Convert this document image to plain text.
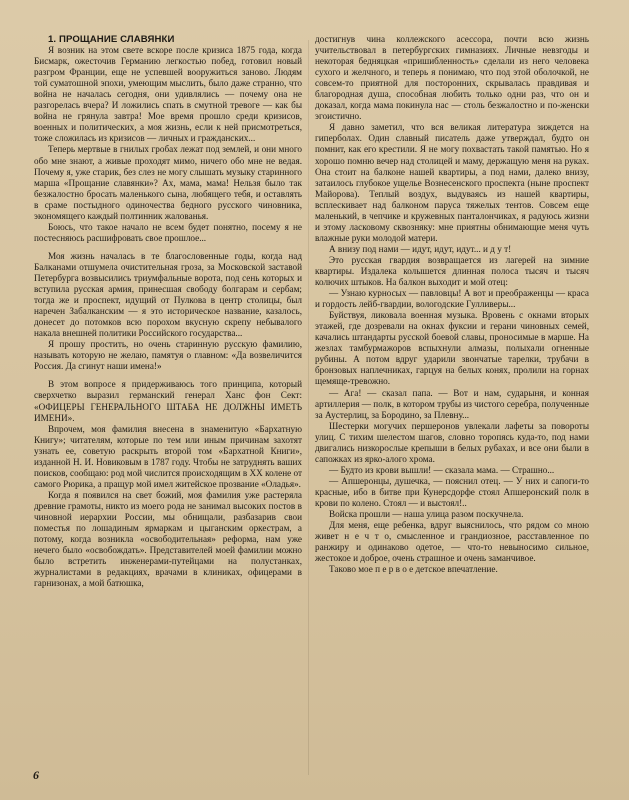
1. ПРОЩАНИЕ СЛАВЯНКИ

Я возник на этом свете вскоре после кризиса 1875 года, когда Бисмарк, ожесточив Германию легкостью побед, готовил новый разгром Франции, еще не успевшей вооружиться заново. Людям той суматошной эпохи, умеющим мыслить, было даже странно, что война не началась сегодня, они удивлялись — почему она не разгорелась вчера? И ложились спать в смутной тревоге — как бы война не грянула завтра! Мое время прошло среди кризисов, военных и политических, а моя жизнь, если к ней присмотреться, тоже сложилась из кризисов — личных и гражданских...

Теперь мертвые в гнилых гробах лежат под землей, и они много обо мне знают, а живые проходят мимо, ничего обо мне не ведая. Почему я, уже старик, без слез не могу слышать музыку старинного марша «Прощание славянки»? Ах, мама, мама! Нельзя было так безжалостно бросать маленького сына, любящего тебя, и оставлять в сраме постыдного одиночества бедного русского чиновника, экономящего каждый полтинник жалованья.

Боюсь, что такое начало не всем будет понятно, посему я не постесняюсь расшифровать свое прошлое...

Моя жизнь началась в те благословенные годы, когда над Балканами отшумела очистительная гроза, за Московской заставой Петербурга возвысились триумфальные ворота, под сень которых и вступила русская армия, принесшая свободу болгарам и сербам; тогда же и проспект, идущий от Пулкова в центр столицы, был наречен Забалканским — я это историческое название, казалось, донесет до потомков всю порохом вкусную скрепу небывалого накала внешней политики Российского государства...

Я прошу простить, но очень старинную русскую фамилию, называть которую не желаю, памятуя о главном: «Да возвеличится Россия. Да сгинут наши имена!»

В этом вопросе я придерживаюсь того принципа, который сверхчетко выразил германский генерал Ханс фон Сект: «ОФИЦЕРЫ ГЕНЕРАЛЬНОГО ШТАБА НЕ ДОЛЖНЫ ИМЕТЬ ИМЕНИ».

Впрочем, моя фамилия внесена в знаменитую «Бархатную Книгу»; читателям, которые по тем или иным причинам захотят узнать ее, советую раскрыть второй том «Бархатной Книги», изданной Н. И. Новиковым в 1787 году. Чтобы не затруднять ваших поисков, сообщаю: род мой числится происходящим в XX колене от самого Рюрика, а пращур мой имел житейское прозвание «Оладья».

Когда я появился на свет божий, моя фамилия уже растеряла древние грамоты, никто из моего рода не занимал высоких постов в чиновной иерархии России, мы обнищали, разбазарив свои поместья по лошадиным ярмаркам и цыганским оркестрам, а потому, когда возникла «освободительная» реформа, нам уже нечего было «освобождать». Представителей моей фамилии можно было встретить инженерами-путейцами на полустанках, журналистами в редакциях, врачами в клиниках, офицерами в гарнизонах, а мой батюшка,

достигнув чина коллежского асессора, почти всю жизнь учительствовал в петербургских гимназиях. Личные невзгоды и некоторая бедняцкая «пришибленность» сделали из него человека сухого и желчного, и теперь я понимаю, что под этой оболочкой, не совсем-то приятной для посторонних, скрывалась правдивая и благородная душа, способная любить только одни раз, что он и доказал, когда мама покинула нас — столь безжалостно и по-женски эгоистично.

Я давно заметил, что вся великая литература зиждется на гиперболах. Один славный писатель даже утверждал, будто он помнит, как его крестили. Я не могу похвастать такой памятью. Но я хорошо помню вечер над столицей и маму, держащую меня на руках. Она стоит на балконе нашей квартиры, а под нами, далеко внизу, затаилось глубокое ущелье Вознесенского проспекта (ныне проспект Майорова). Теплый воздух, выдуваясь из нашей квартиры, всплескивает над балконом паруса тяжелых тентов. Совсем еще маленький, в чепчике и кружевных панталончиках, я радуюсь жизни и этому ласковому сквозняку: мне приятны обнимающие меня чуть влажные руки молодой матери.

А внизу под нами — идут, идут, идут... и д у т!

Это русская гвардия возвращается из лагерей на зимние квартиры. Издалека колышется длинная полоса тысяч и тысяч колючих штыков. На балкон выходит и мой отец:

— Узнаю курносых — павловцы! А вот и преображенцы — краса и гордость лейб-гвардии, вологодские Гулливеры...

Буйствуя, ликовала военная музыка. Вровень с окнами вторых этажей, где дозревали на окнах фуксии и герани чиновных семей, качались штандарты русской боевой славы, проносимые в марше. На жезлах тамбурмажоров вспыхнули алмазы, полыхали огненные рубины. А потом вдруг ударили звончатые тарелки, трубачи в бронзовых наплечниках, гарцуя на белых конях, пролили на горнах щемяще-тревожно.

— Ага! — сказал папа. — Вот и нам, сударыня, и конная артиллерия — полк, в котором трубы из чистого серебра, полученные за Аустерлиц, за Бородино, за Плевну...

Шестерки могучих першеронов увлекали лафеты за повороты улиц. С тихим шелестом шагов, словно торопясь куда-то, под нами двигались низкорослые крепыши в белых рубахах, и все они были в сапожках из ярко-алого хрома.

— Будто из крови вышли! — сказала мама. — Страшно...

— Апшеронцы, душечка, — пояснил отец. — У них и сапоги-то красные, ибо в битве при Кунерсдорфе стоял Апшеронский полк в крови по колено. Стоял — и выстоял!..

Войска прошли — наша улица разом поскучнела.

Для меня, еще ребенка, вдруг выяснилось, что рядом со мною живет н е ч т о, смысленное и грандиозное, расставленное по ранжиру и одинаково одетое, — что-то невыносимо сильное, жестокое и доброе, очень страшное и очень заманчивое.

Таково мое п е р в о е детское впечатление.

6
